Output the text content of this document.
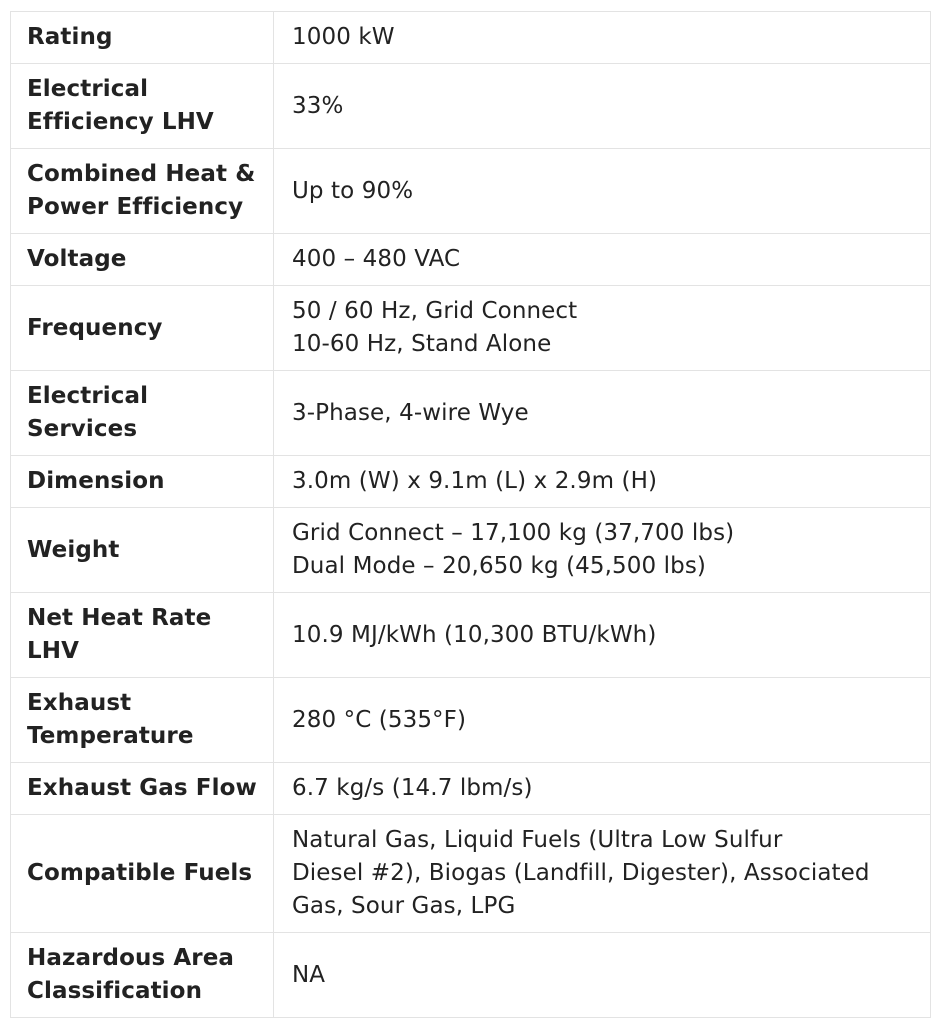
Rating	1000 kW

Electrical
Efficiency LHV	33%

Combined Heat &
Power Efficiency	Up to 90%

Voltage	400 – 480 VAC

Frequency	50 / 60 Hz, Grid Connect
10-60 Hz, Stand Alone

Electrical
Services	3-Phase, 4-wire Wye

Dimension	3.0m (W) x 9.1m (L) x 2.9m (H)

Weight	Grid Connect – 17,100 kg (37,700 lbs)
Dual Mode – 20,650 kg (45,500 lbs)

Net Heat Rate
LHV	10.9 MJ/kWh (10,300 BTU/kWh)

Exhaust
Temperature	280 °C (535°F)

Exhaust Gas Flow	6.7 kg/s (14.7 lbm/s)

Compatible Fuels	Natural Gas, Liquid Fuels (Ultra Low Sulfur
Diesel #2), Biogas (Landfill, Digester), Associated
Gas, Sour Gas, LPG

Hazardous Area
Classification	NA
